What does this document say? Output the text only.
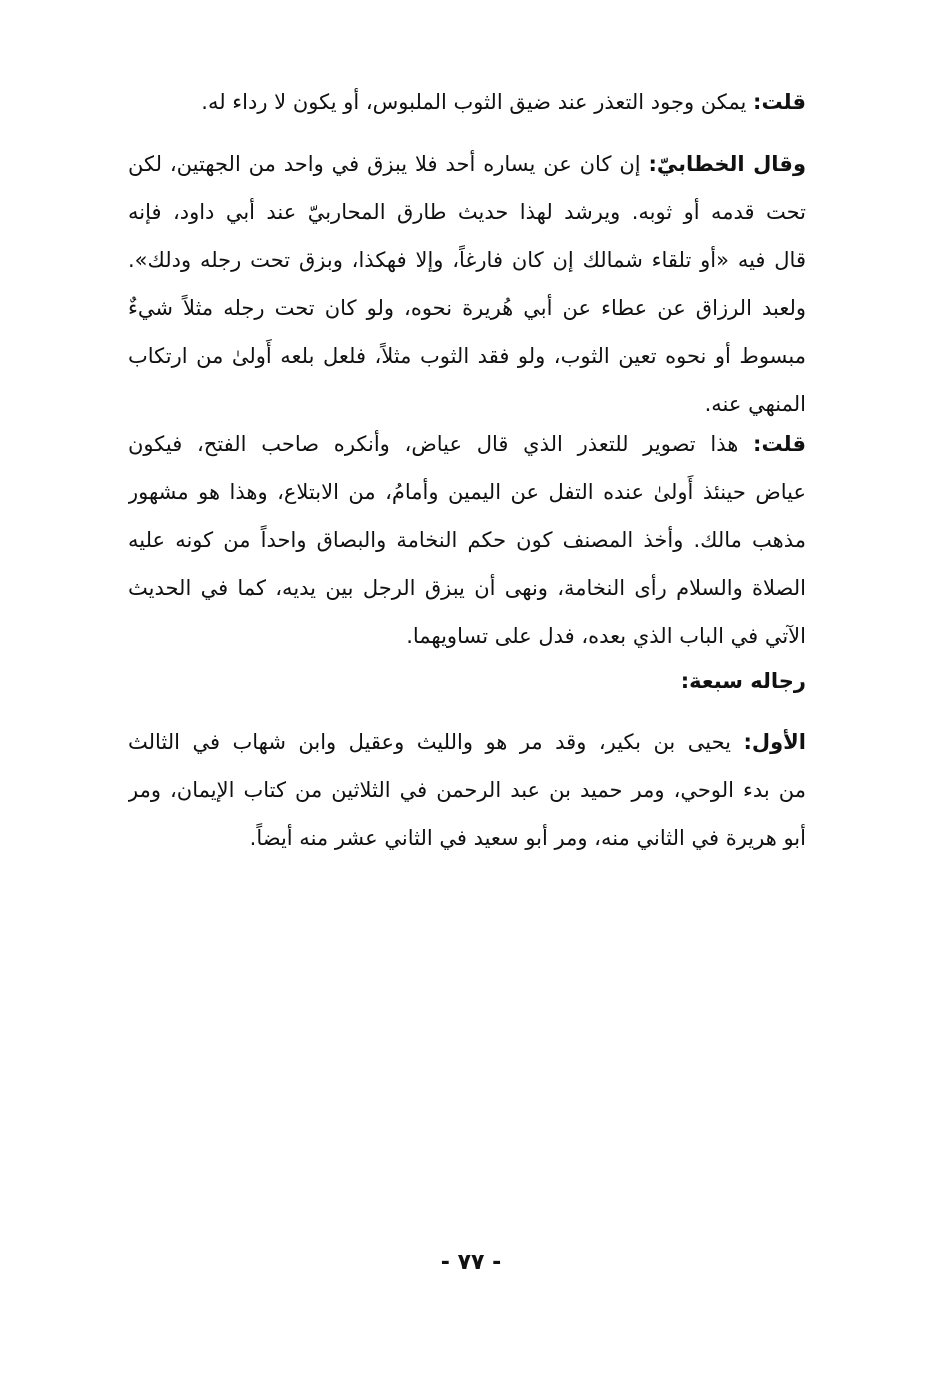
قلت: يمكن وجود التعذر عند ضيق الثوب الملبوس، أو يكون لا رداء له.
وقال الخطابيّ: إن كان عن يساره أحد فلا يبزق في واحد من الجهتين، لكن
تحت قدمه أو ثوبه. ويرشد لهذا حديث طارق المحاربيّ عند أبي داود، فإنه
قال فيه «أو تلقاء شمالك إن كان فارغاً، وإلا فهكذا، وبزق تحت رجله ودلك».
ولعبد الرزاق عن عطاء عن أبي هُريرة نحوه، ولو كان تحت رجله مثلاً شيءٌ
مبسوط أو نحوه تعين الثوب، ولو فقد الثوب مثلاً، فلعل بلعه أَولىٰ من ارتكاب
المنهي عنه.
قلت: هذا تصوير للتعذر الذي قال عياض، وأنكره صاحب الفتح، فيكون
عياض حينئذ أَولىٰ عنده التفل عن اليمين وأمامُ، من الابتلاع، وهذا هو مشهور
مذهب مالك. وأخذ المصنف كون حكم النخامة والبصاق واحداً من كونه عليه
الصلاة والسلام رأى النخامة، ونهى أن يبزق الرجل بين يديه، كما في الحديث
الآتي في الباب الذي بعده، فدل على تساويهما.
رجاله سبعة:
الأول: يحيى بن بكير، وقد مر هو والليث وعقيل وابن شهاب في الثالث
من بدء الوحي، ومر حميد بن عبد الرحمن في الثلاثين من كتاب الإيمان، ومر
أبو هريرة في الثاني منه، ومر أبو سعيد في الثاني عشر منه أيضاً.
- ٧٧ -
